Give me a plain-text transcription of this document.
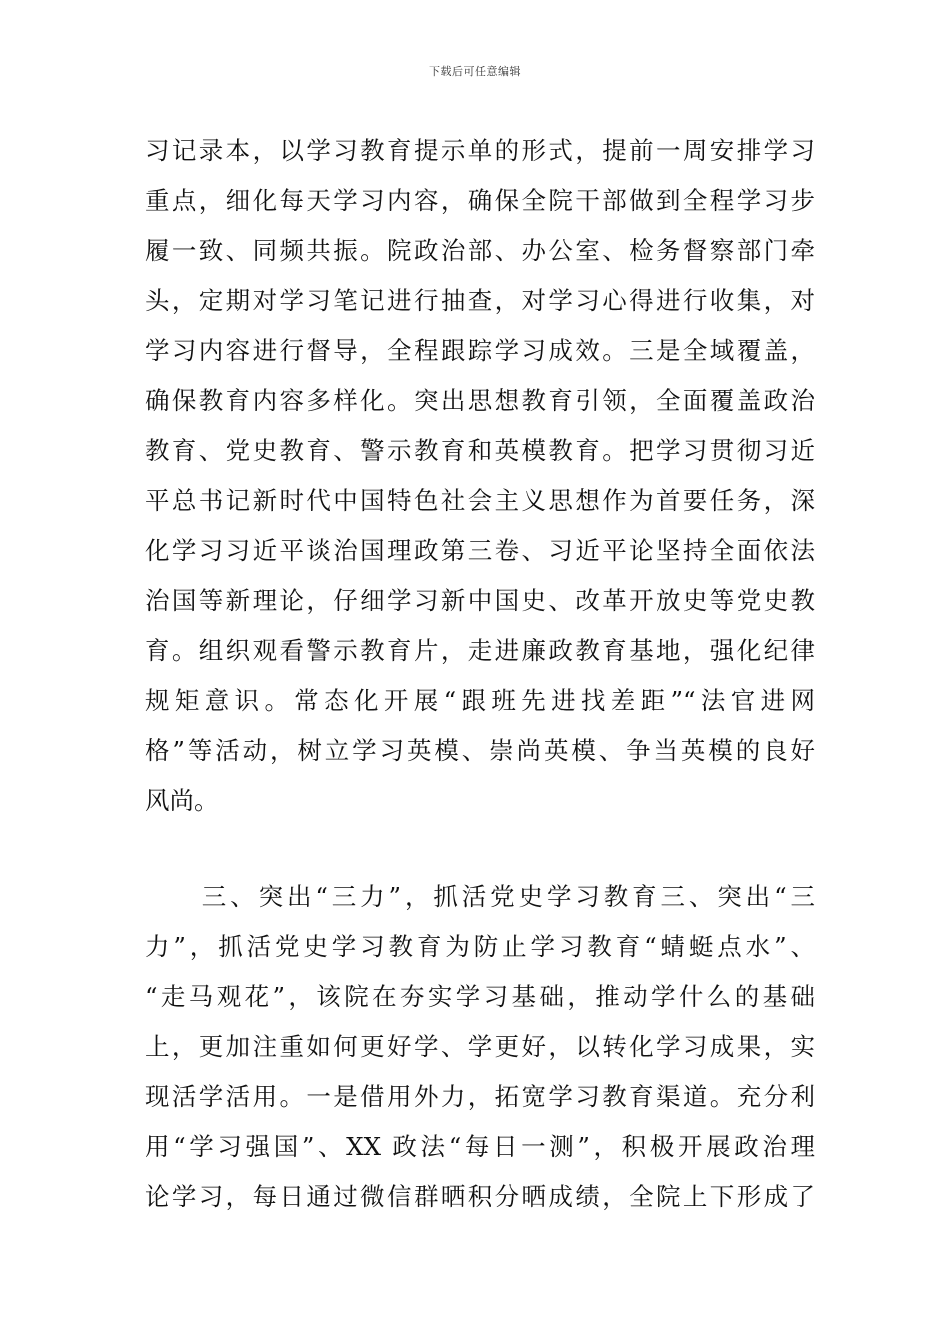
下载后可任意编辑
习记录本，以学习教育提示单的形式，提前一周安排学习
重点，细化每天学习内容，确保全院干部做到全程学习步
履一致、同频共振。院政治部、办公室、检务督察部门牵
头，定期对学习笔记进行抽查，对学习心得进行收集，对
学习内容进行督导，全程跟踪学习成效。三是全域覆盖，
确保教育内容多样化。突出思想教育引领，全面覆盖政治
教育、党史教育、警示教育和英模教育。把学习贯彻习近
平总书记新时代中国特色社会主义思想作为首要任务，深
化学习习近平谈治国理政第三卷、习近平论坚持全面依法
治国等新理论，仔细学习新中国史、改革开放史等党史教
育。组织观看警示教育片，走进廉政教育基地，强化纪律
规矩意识。常态化开展“跟班先进找差距”“法官进网
格”等活动，树立学习英模、崇尚英模、争当英模的良好
风尚。
　　三、突出“三力”，抓活党史学习教育三、突出“三
力”，抓活党史学习教育为防止学习教育“蜻蜓点水”、
“走马观花”，该院在夯实学习基础，推动学什么的基础
上，更加注重如何更好学、学更好，以转化学习成果，实
现活学活用。一是借用外力，拓宽学习教育渠道。充分利
用“学习强国”、XX 政法“每日一测”，积极开展政治理
论学习，每日通过微信群晒积分晒成绩，全院上下形成了
